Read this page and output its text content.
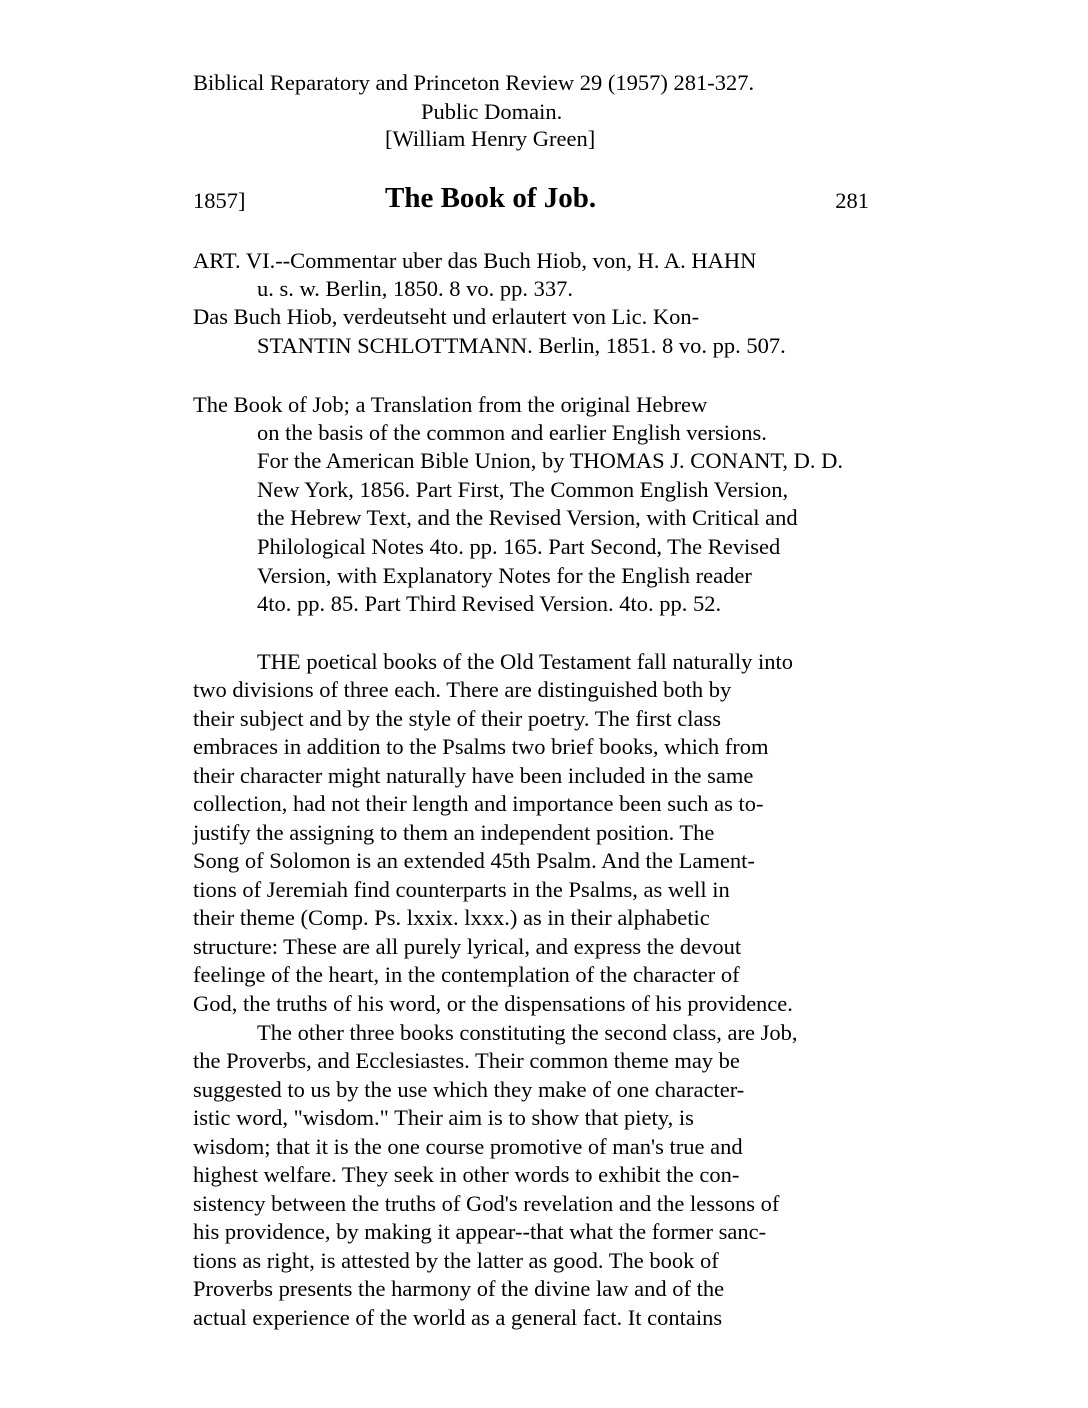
Biblical Reparatory and Princeton Review 29 (1957) 281-327.
Public Domain.
[William Henry Green]
1857]	The Book of Job.	281
ART. VI.--Commentar uber das Buch Hiob, von, H. A. HAHN
u. s. w. Berlin, 1850. 8 vo. pp. 337.
Das Buch Hiob, verdeutseht und erlautert von Lic. Kon-
STANTIN SCHLOTTMANN. Berlin, 1851. 8 vo. pp. 507.
The Book of Job; a Translation from the original Hebrew
on the basis of the common and earlier English versions.
For the American Bible Union, by THOMAS J. CONANT, D. D.
New York, 1856. Part First, The Common English Version,
the Hebrew Text, and the Revised Version, with Critical and
Philological Notes 4to. pp. 165. Part Second, The Revised
Version, with Explanatory Notes for the English reader
4to. pp. 85. Part Third Revised Version. 4to. pp. 52.
THE poetical books of the Old Testament fall naturally into
two divisions of three each. There are distinguished both by
their subject and by the style of their poetry. The first class
embraces in addition to the Psalms two brief books, which from
their character might naturally have been included in the same
collection, had not their length and importance been such as to-
justify the assigning to them an independent position. The
Song of Solomon is an extended 45th Psalm. And the Lament-
tions of Jeremiah find counterparts in the Psalms, as well in
their theme (Comp. Ps. lxxix. lxxx.) as in their alphabetic
structure: These are all purely lyrical, and express the devout
feelinge of the heart, in the contemplation of the character of
God, the truths of his word, or the dispensations of his providence.
The other three books constituting the second class, are Job,
the Proverbs, and Ecclesiastes. Their common theme may be
suggested to us by the use which they make of one character-
istic word, "wisdom." Their aim is to show that piety, is
wisdom; that it is the one course promotive of man's true and
highest welfare. They seek in other words to exhibit the con-
sistency between the truths of God's revelation and the lessons of
his providence, by making it appear--that what the former sanc-
tions as right, is attested by the latter as good. The book of
Proverbs presents the harmony of the divine law and of the
actual experience of the world as a general fact. It contains
